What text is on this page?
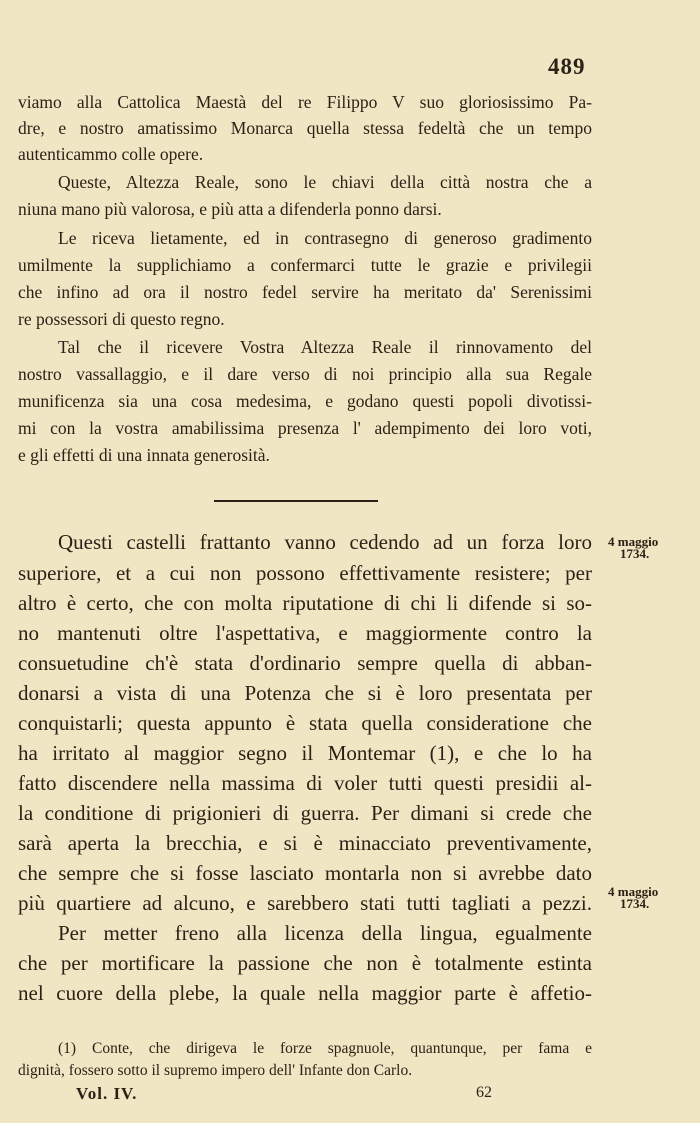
489
viamo alla Cattolica Maestà del re Filippo V suo gloriosissimo Pa-
dre, e nostro amatissimo Monarca quella stessa fedeltà che un tempo
autenticammo colle opere.
Queste, Altezza Reale, sono le chiavi della città nostra che a
niuna mano più valorosa, e più atta a difenderla ponno darsi.
Le riceva lietamente, ed in contrasegno di generoso gradimento
umilmente la supplichiamo a confermarci tutte le grazie e privilegii
che infino ad ora il nostro fedel servire ha meritato da' Serenissimi
re possessori di questo regno.
Tal che il ricevere Vostra Altezza Reale il rinnovamento del
nostro vassallaggio, e il dare verso di noi principio alla sua Regale
munificenza sia una cosa medesima, e godano questi popoli divotissi-
mi con la vostra amabilissima presenza l' adempimento dei loro voti,
e gli effetti di una innata generosità.
Questi castelli frattanto vanno cedendo ad un forza loro
superiore, et a cui non possono effettivamente resistere; per
altro è certo, che con molta riputatione di chi li difende si so-
no mantenuti oltre l'aspettativa, e maggiormente contro la
consuetudine ch'è stata d'ordinario sempre quella di abban-
donarsi a vista di una Potenza che si è loro presentata per
conquistarli; questa appunto è stata quella consideratione che
ha irritato al maggior segno il Montemar (1), e che lo ha
fatto discendere nella massima di voler tutti questi presidii al-
la conditione di prigionieri di guerra. Per dimani si crede che
sarà aperta la brecchia, e si è minacciato preventivamente,
che sempre che si fosse lasciato montarla non si avrebbe dato
più quartiere ad alcuno, e sarebbero stati tutti tagliati a pezzi.
Per metter freno alla licenza della lingua, egualmente
che per mortificare la passione che non è totalmente estinta
nel cuore della plebe, la quale nella maggior parte è affetio-
4 maggio
1734.
4 maggio
1734.
(1) Conte, che dirigeva le forze spagnuole, quantunque, per fama e
dignità, fossero sotto il supremo impero dell' Infante don Carlo.
Vol. IV.	62
